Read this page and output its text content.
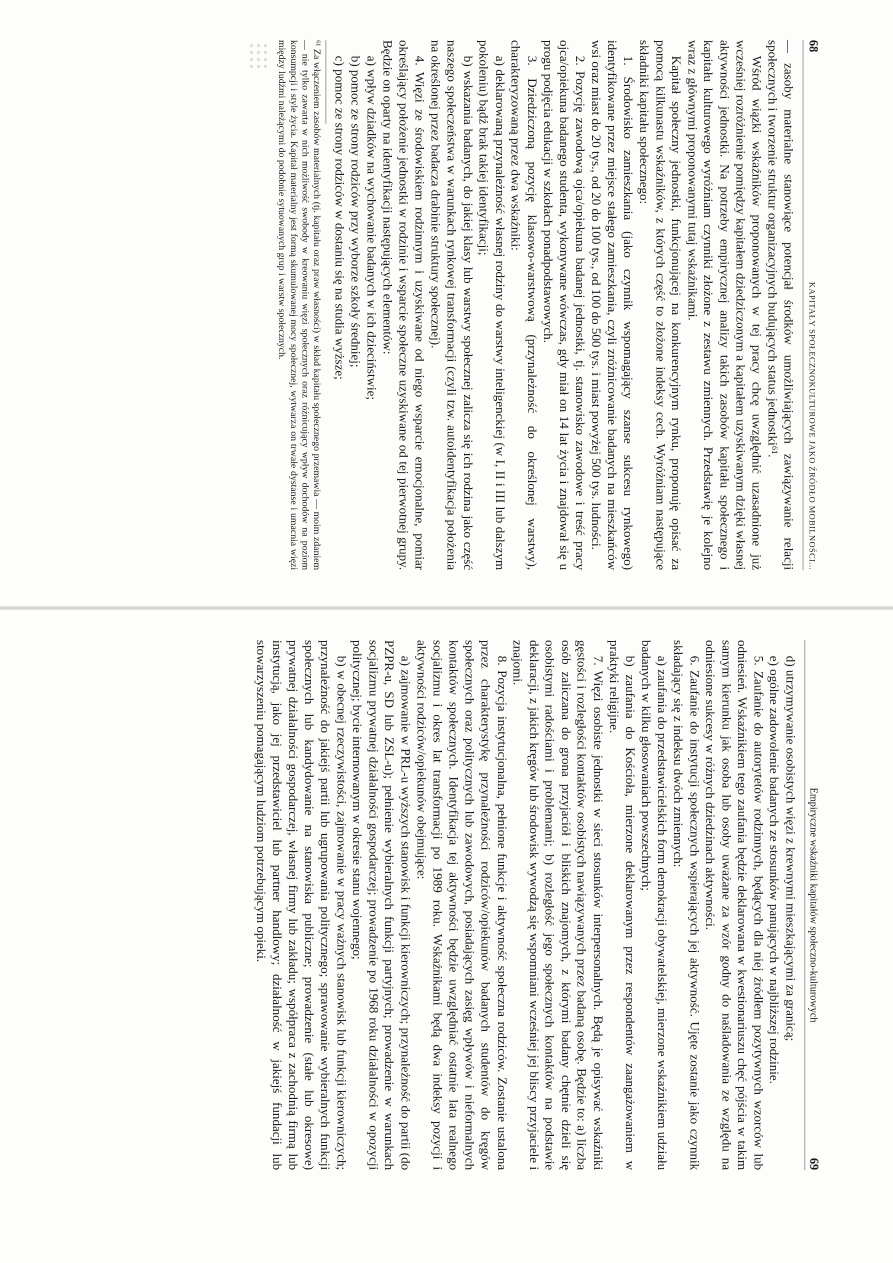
68
KAPITAŁY SPOŁECZNOKULTUROWE JAKO ŹRÓDŁO MOBILNOŚCI...

— zasoby materialne stanowiące potencjał środków umożliwiających zawiązywanie relacji społecznych i tworzenie struktur organizacyjnych budujących status jednostki⁶¹.

Wśród wiązki wskaźników proponowanych w tej pracy chcę uwzględnić uzasadnione już wcześniej rozróżnienie pomiędzy kapitałem dziedziczonym a kapitałem uzyskiwanym dzięki własnej aktywności jednostki. Na potrzeby empirycznej analizy takich zasobów kapitału społecznego i kapitału kulturowego wyróżniam czynniki złożone z zestawu zmiennych. Przedstawię je kolejno wraz z głównymi proponowanymi tutaj wskaźnikami.

Kapitał społeczny jednostki, funkcjonującej na konkurencyjnym rynku, proponuję opisać za pomocą kilkunastu wskaźników, z których część to złożone indeksy cech. Wyróżniam następujące składniki kapitału społecznego:

1. Środowisko zamieszkania (jako czynnik wspomagający szanse sukcesu rynkowego) identyfikowane przez miejsce stałego zamieszkania, czyli zróżnicowanie badanych na mieszkańców wsi oraz miast do 20 tys., od 20 do 100 tys., od 100 do 500 tys. i miast powyżej 500 tys. ludności.

2. Pozycję zawodową ojca/opiekuna badanej jednostki, tj. stanowisko zawodowe i treść pracy ojca/opiekuna badanego studenta, wykonywane wówczas, gdy miał on 14 lat życia i znajdował się u progu podjęcia edukacji w szkołach ponadpodstawowych.

3. Dziedziczoną pozycję klasowo-warstwową (przynależność do określonej warstwy), charakteryzowaną przez dwa wskaźniki:

a) deklarowaną przynależność własnej rodziny do warstwy inteligenckiej (w I, II i III lub dalszym pokoleniu) bądź brak takiej identyfikacji;

b) wskazania badanych, do jakiej klasy lub warstwy społecznej zalicza się ich rodzina jako część naszego społeczeństwa w warunkach rynkowej transformacji (czyli tzw. autoidentyfikacja położenia na określonej przez badacza drabinie struktury społecznej).

4. Więzi ze środowiskiem rodzinnym i uzyskiwane od niego wsparcie emocjonalne, pomiar określający położenie jednostki w rodzinie i wsparcie społeczne uzyskiwane od tej pierwotnej grupy. Będzie on oparty na identyfikacji następujących elementów:

a) wpływ dziadków na wychowanie badanych w ich dzieciństwie;

b) pomoc ze strony rodziców przy wyborze szkoły średniej;

c) pomoc ze strony rodziców w dostaniu się na studia wyższe;

⁶¹ Za włączeniem zasobów materialnych (tj. kapitału oraz praw własności) w skład kapitału społecznego przemawia — moim zdaniem — nie tylko zawarta w nich możliwość swobody w kreowaniu więzi społecznych oraz różnicujący wpływ dochodów na poziom konsumpcji i style życia. Kapitał materialny jest formą skumulowanej mocy społecznej, wytwarza on trwałe dystanse i umacnia więzi między ludźmi należącymi do podobnie sytuowanych grup i warstw społecznych.
Empiryczne wskaźniki kapitałów społeczno-kulturowych
69

d) utrzymywanie osobistych więzi z krewnymi mieszkającymi za granicą;

e) ogólne zadowolenie badanych ze stosunków panujących w najbliższej rodzinie.

5. Zaufanie do autorytetów rodzinnych, będących dla niej źródłem pozytywnych wzorców lub odniesień. Wskaźnikiem tego zaufania będzie deklarowana w kwestionariuszu chęć pójścia w takim samym kierunku jak osoba lub osoby uważane za wzór godny do naśladowania ze względu na odniesione sukcesy w różnych dziedzinach aktywności.

6. Zaufanie do instytucji społecznych wspierających jej aktywność. Ujęte zostanie jako czynnik składający się z indeksu dwóch zmiennych:

a) zaufania do przedstawicielskich form demokracji obywatelskiej, mierzone wskaźnikiem udziału badanych w kilku głosowaniach powszechnych;

b) zaufania do Kościoła, mierzone deklarowanym przez respondentów zaangażowaniem w praktyki religijne.

7. Więzi osobiste jednostki w sieci stosunków interpersonalnych. Będą je opisywać wskaźniki gęstości i rozległości kontaktów osobistych nawiązywanych przez badaną osobę. Będzie to: a) liczba osób zaliczana do grona przyjaciół i bliskich znajomych, z którymi badany chętnie dzieli się osobistymi radościami i problemami; b) rozległość jego społecznych kontaktów na podstawie deklaracji, z jakich kręgów lub środowisk wywodzą się wspomniani wcześniej jej bliscy przyjaciele i znajomi.

8. Pozycja instytucjonalna, pełnione funkcje i aktywność społeczna rodziców. Zostanie ustalona przez charakterystykę przynależności rodziców/opiekunów badanych studentów do kręgów społecznych oraz politycznych lub zawodowych, posiadających zasięg wpływów i nieformalnych kontaktów społecznych. Identyfikacja tej aktywności będzie uwzględniać ostatnie lata realnego socjalizmu i okres lat transformacji po 1989 roku. Wskaźnikami będą dwa indeksy pozycji i aktywności rodziców/opiekunów obejmujące:

a) zajmowanie w PRL-u wyższych stanowisk i funkcji kierowniczych; przynależność do partii (do PZPR-u, SD lub ZSL-u); pełnienie wybieralnych funkcji partyjnych; prowadzenie w warunkach socjalizmu prywatnej działalności gospodarczej; prowadzenie po 1968 roku działalności w opozycji politycznej; bycie internowanym w okresie stanu wojennego;

b) w obecnej rzeczywistości, zajmowanie w pracy ważnych stanowisk lub funkcji kierowniczych; przynależność do jakiejś partii lub ugrupowania politycznego; sprawowanie wybieralnych funkcji społecznych lub kandydowanie na stanowiska publiczne; prowadzenie (stałe lub okresowe) prywatnej działalności gospodarczej, własnej firmy lub zakładu; współpraca z zachodnią firmą lub instytucją, jako jej przedstawiciel lub partner handlowy; działalność w jakiejś fundacji lub stowarzyszeniu pomagającym ludziom potrzebującym opieki.
